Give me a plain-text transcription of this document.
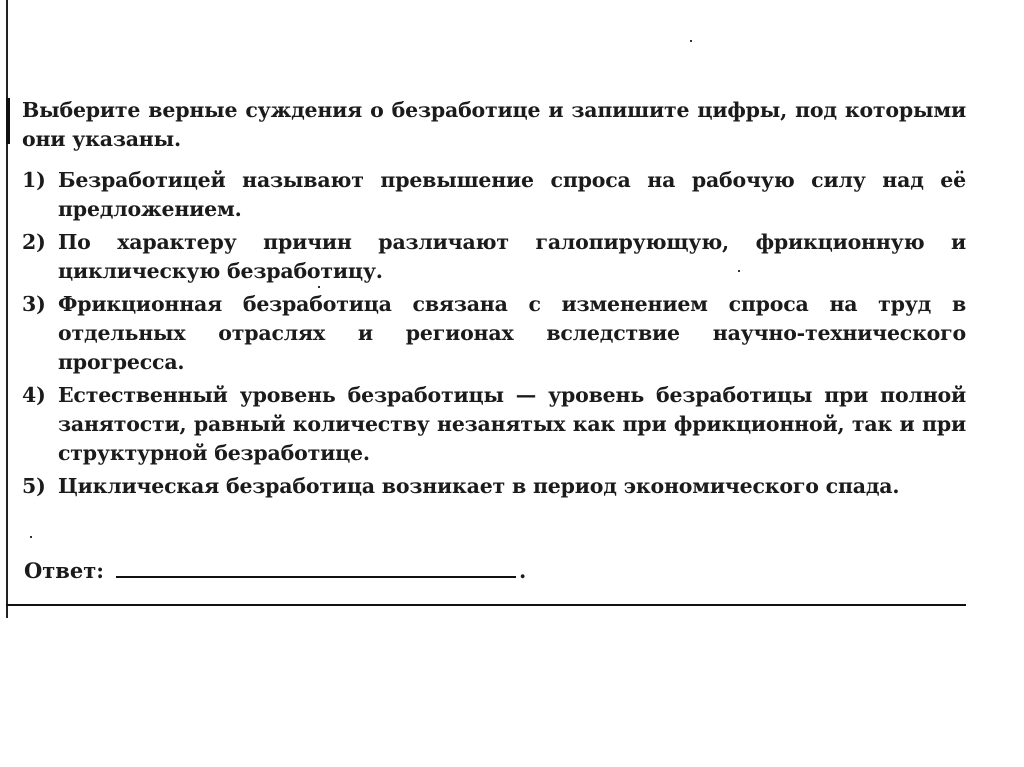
Выберите верные суждения о безработице и запишите цифры, под которыми они указаны.

1) Безработицей называют превышение спроса на рабочую силу над её предложением.
2) По характеру причин различают галопирующую, фрикционную и циклическую безработицу.
3) Фрикционная безработица связана с изменением спроса на труд в отдельных отраслях и регионах вследствие научно-технического прогресса.
4) Естественный уровень безработицы — уровень безработицы при полной занятости, равный количеству незанятых как при фрикционной, так и при структурной безработице.
5) Циклическая безработица возникает в период экономического спада.
Ответ:	.
